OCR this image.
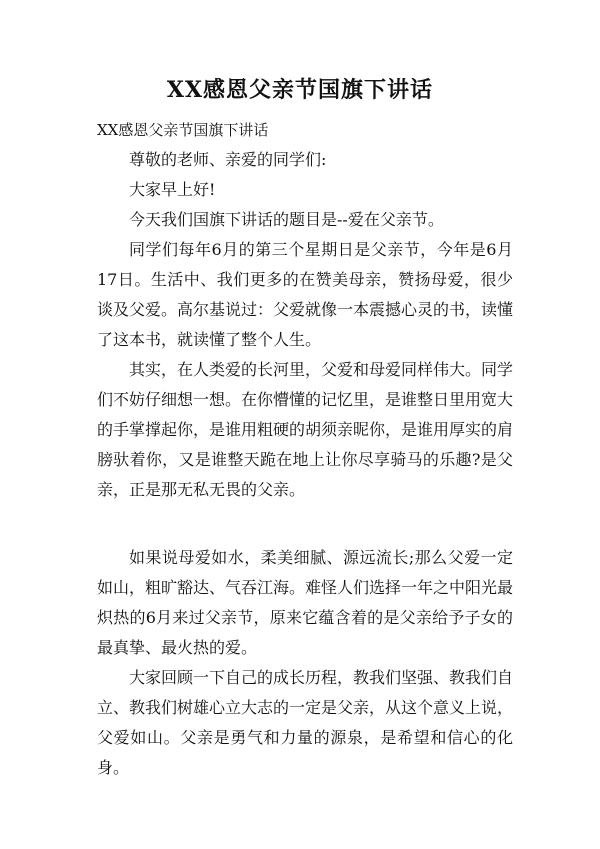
XX感恩父亲节国旗下讲话
XX感恩父亲节国旗下讲话

尊敬的老师、亲爱的同学们:

大家早上好!

今天我们国旗下讲话的题目是--爱在父亲节。

同学们每年6月的第三个星期日是父亲节，今年是6月17日。生活中、我们更多的在赞美母亲，赞扬母爱，很少谈及父爱。高尔基说过：父爱就像一本震撼心灵的书，读懂了这本书，就读懂了整个人生。

其实，在人类爱的长河里，父爱和母爱同样伟大。同学们不妨仔细想一想。在你懵懂的记忆里，是谁整日里用宽大的手掌撑起你，是谁用粗硬的胡须亲昵你，是谁用厚实的肩膀驮着你，又是谁整天跪在地上让你尽享骑马的乐趣?是父亲，正是那无私无畏的父亲。

如果说母爱如水，柔美细腻、源远流长;那么父爱一定如山，粗旷豁达、气吞江海。难怪人们选择一年之中阳光最炽热的6月来过父亲节，原来它蕴含着的是父亲给予子女的最真挚、最火热的爱。

大家回顾一下自己的成长历程，教我们坚强、教我们自立、教我们树雄心立大志的一定是父亲，从这个意义上说，父爱如山。父亲是勇气和力量的源泉，是希望和信心的化身。
